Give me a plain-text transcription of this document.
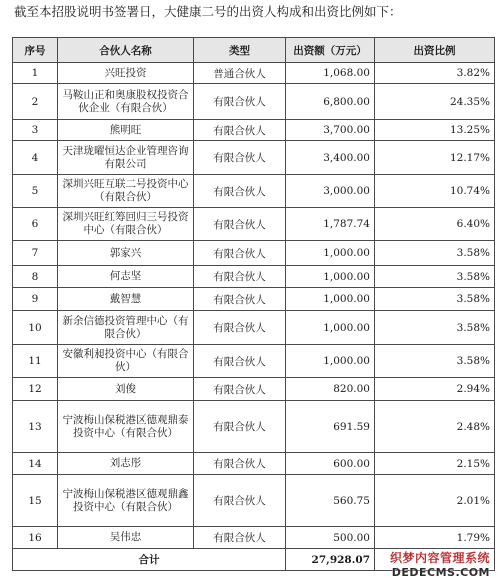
截至本招股说明书签署日，大健康二号的出资人构成和出资比例如下：
序号	合伙人名称	类型	出资额（万元）	出资比例
1	兴旺投资	普通合伙人	1,068.00	3.82%
2	马鞍山正和奥康股权投资合伙企业（有限合伙）	有限合伙人	6,800.00	24.35%
3	熊明旺	有限合伙人	3,700.00	13.25%
4	天津珑曜恒达企业管理咨询有限公司	有限合伙人	3,400.00	12.17%
5	深圳兴旺互联二号投资中心（有限合伙）	有限合伙人	3,000.00	10.74%
6	深圳兴旺红筹回归三号投资中心（有限合伙）	有限合伙人	1,787.74	6.40%
7	郭家兴	有限合伙人	1,000.00	3.58%
8	何志坚	有限合伙人	1,000.00	3.58%
9	戴智慧	有限合伙人	1,000.00	3.58%
10	新余信德投资管理中心（有限合伙）	有限合伙人	1,000.00	3.58%
11	安徽利昶投资中心（有限合伙）	有限合伙人	1,000.00	3.58%
12	刘俊	有限合伙人	820.00	2.94%
13	宁波梅山保税港区德观鼎泰投资中心（有限合伙）	有限合伙人	691.59	2.48%
14	刘志彤	有限合伙人	600.00	2.15%
15	宁波梅山保税港区德观鼎鑫投资中心（有限合伙）	有限合伙人	560.75	2.01%
16	吴伟忠	有限合伙人	500.00	1.79%
合计			27,928.07		织梦内容管理系统
DEDECMS.COM
